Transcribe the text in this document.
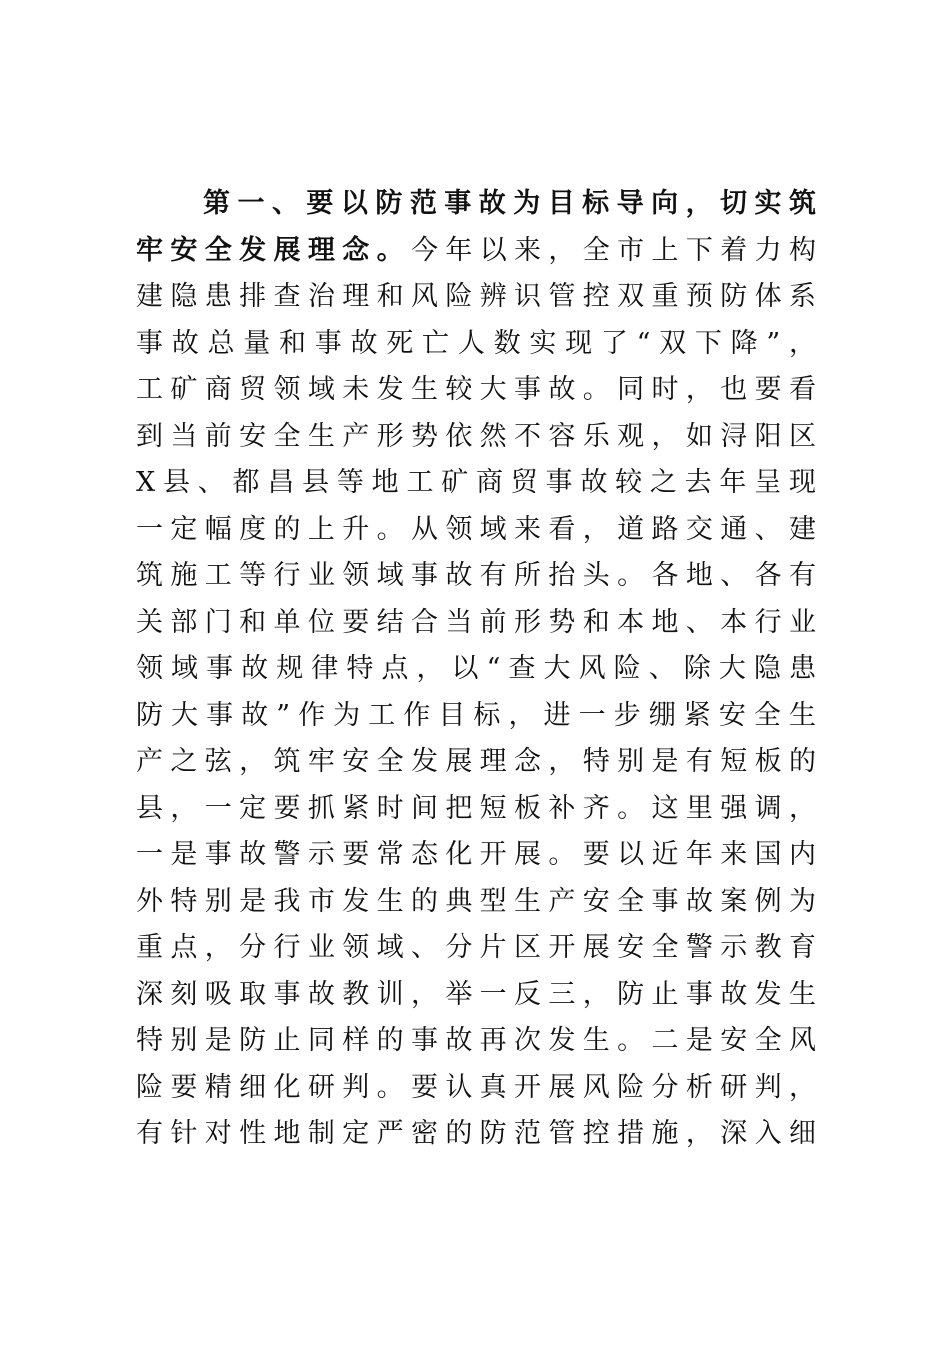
第一、要以防范事故为目标导向，切实筑
牢安全发展理念。今年以来，全市上下着力构
建隐患排查治理和风险辨识管控双重预防体系
事故总量和事故死亡人数实现了“双下降”，
工矿商贸领域未发生较大事故。同时，也要看
到当前安全生产形势依然不容乐观，如浔阳区
X县、都昌县等地工矿商贸事故较之去年呈现
一定幅度的上升。从领域来看，道路交通、建
筑施工等行业领域事故有所抬头。各地、各有
关部门和单位要结合当前形势和本地、本行业
领域事故规律特点，以“查大风险、除大隐患
防大事故”作为工作目标，进一步绷紧安全生
产之弦，筑牢安全发展理念，特别是有短板的
县，一定要抓紧时间把短板补齐。这里强调，
一是事故警示要常态化开展。要以近年来国内
外特别是我市发生的典型生产安全事故案例为
重点，分行业领域、分片区开展安全警示教育
深刻吸取事故教训，举一反三，防止事故发生
特别是防止同样的事故再次发生。二是安全风
险要精细化研判。要认真开展风险分析研判，
有针对性地制定严密的防范管控措施，深入细
